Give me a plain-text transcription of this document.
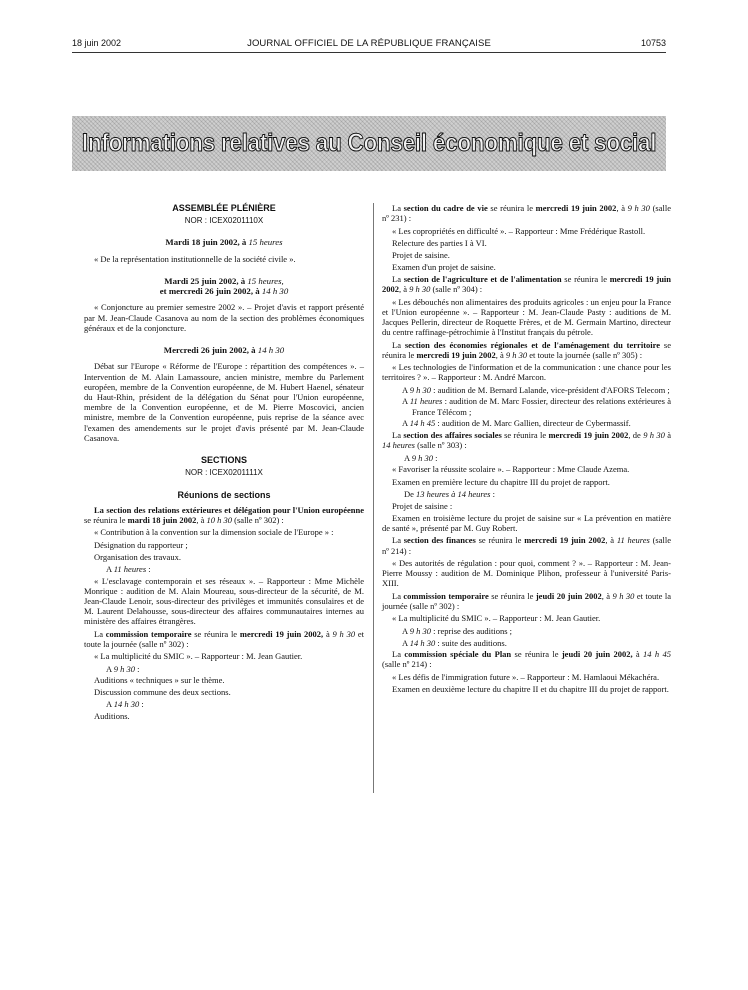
18 juin 2002	JOURNAL OFFICIEL DE LA RÉPUBLIQUE FRANÇAISE	10753
Informations relatives au Conseil économique et social

ASSEMBLÉE PLÉNIÈRE

NOR : ICEX0201110X

Mardi 18 juin 2002, à 15 heures

« De la représentation institutionnelle de la société civile ».

Mardi 25 juin 2002, à 15 heures,

et mercredi 26 juin 2002, à 14 h 30

« Conjoncture au premier semestre 2002 ». – Projet d'avis et rapport présenté par M. Jean-Claude Casanova au nom de la section des problèmes économiques généraux et de la conjoncture.

Mercredi 26 juin 2002, à 14 h 30

Débat sur l'Europe « Réforme de l'Europe : répartition des compétences ». – Intervention de M. Alain Lamassoure, ancien ministre, membre du Parlement européen, membre de la Convention européenne, de M. Hubert Haenel, sénateur du Haut-Rhin, président de la délégation du Sénat pour l'Union européenne, membre de la Convention européenne, et de M. Pierre Moscovici, ancien ministre, membre de la Convention européenne, puis reprise de la séance avec l'examen des amendements sur le projet d'avis présenté par M. Jean-Claude Casanova.

SECTIONS

NOR : ICEX0201111X

Réunions de sections

La section des relations extérieures et délégation pour l'Union européenne se réunira le mardi 18 juin 2002, à 10 h 30 (salle nº 302) :

« Contribution à la convention sur la dimension sociale de l'Europe » :

Désignation du rapporteur ;

Organisation des travaux.

A 11 heures :

« L'esclavage contemporain et ses réseaux ». – Rapporteur : Mme Michèle Monrique : audition de M. Alain Moureau, sous-directeur de la sécurité, de M. Jean-Claude Lenoir, sous-directeur des privilèges et immunités consulaires et de M. Laurent Delahousse, sous-directeur des affaires communautaires internes au ministère des affaires étrangères.

La commission temporaire se réunira le mercredi 19 juin 2002, à 9 h 30 et toute la journée (salle nº 302) :

« La multiplicité du SMIC ». – Rapporteur : M. Jean Gautier.

A 9 h 30 :

Auditions « techniques » sur le thème.

Discussion commune des deux sections.

A 14 h 30 :

Auditions.

La section du cadre de vie se réunira le mercredi 19 juin 2002, à 9 h 30 (salle nº 231) :

« Les copropriétés en difficulté ». – Rapporteur : Mme Frédérique Rastoll.

Relecture des parties I à VI.

Projet de saisine.

Examen d'un projet de saisine.

La section de l'agriculture et de l'alimentation se réunira le mercredi 19 juin 2002, à 9 h 30 (salle nº 304) :

« Les débouchés non alimentaires des produits agricoles : un enjeu pour la France et l'Union européenne ». – Rapporteur : M. Jean-Claude Pasty : auditions de M. Jacques Pellerin, directeur de Roquette Frères, et de M. Germain Martino, directeur du centre raffinage-pétrochimie à l'Institut français du pétrole.

La section des économies régionales et de l'aménagement du territoire se réunira le mercredi 19 juin 2002, à 9 h 30 et toute la journée (salle nº 305) :

« Les technologies de l'information et de la communication : une chance pour les territoires ? ». – Rapporteur : M. André Marcon.

A 9 h 30 : audition de M. Bernard Lalande, vice-président d'AFORS Telecom ;

A 11 heures : audition de M. Marc Fossier, directeur des relations extérieures à France Télécom ;

A 14 h 45 : audition de M. Marc Gallien, directeur de Cybermassif.

La section des affaires sociales se réunira le mercredi 19 juin 2002, de 9 h 30 à 14 heures (salle nº 303) :

A 9 h 30 :

« Favoriser la réussite scolaire ». – Rapporteur : Mme Claude Azema.

Examen en première lecture du chapitre III du projet de rapport.

De 13 heures à 14 heures :

Projet de saisine :

Examen en troisième lecture du projet de saisine sur « La prévention en matière de santé », présenté par M. Guy Robert.

La section des finances se réunira le mercredi 19 juin 2002, à 11 heures (salle nº 214) :

« Des autorités de régulation : pour quoi, comment ? ». – Rapporteur : M. Jean-Pierre Moussy : audition de M. Dominique Plihon, professeur à l'université Paris-XIII.

La commission temporaire se réunira le jeudi 20 juin 2002, à 9 h 30 et toute la journée (salle nº 302) :

« La multiplicité du SMIC ». – Rapporteur : M. Jean Gautier.

A 9 h 30 : reprise des auditions ;

A 14 h 30 : suite des auditions.

La commission spéciale du Plan se réunira le jeudi 20 juin 2002, à 14 h 45 (salle nº 214) :

« Les défis de l'immigration future ». – Rapporteur : M. Hamlaoui Mékachéra.

Examen en deuxième lecture du chapitre II et du chapitre III du projet de rapport.
